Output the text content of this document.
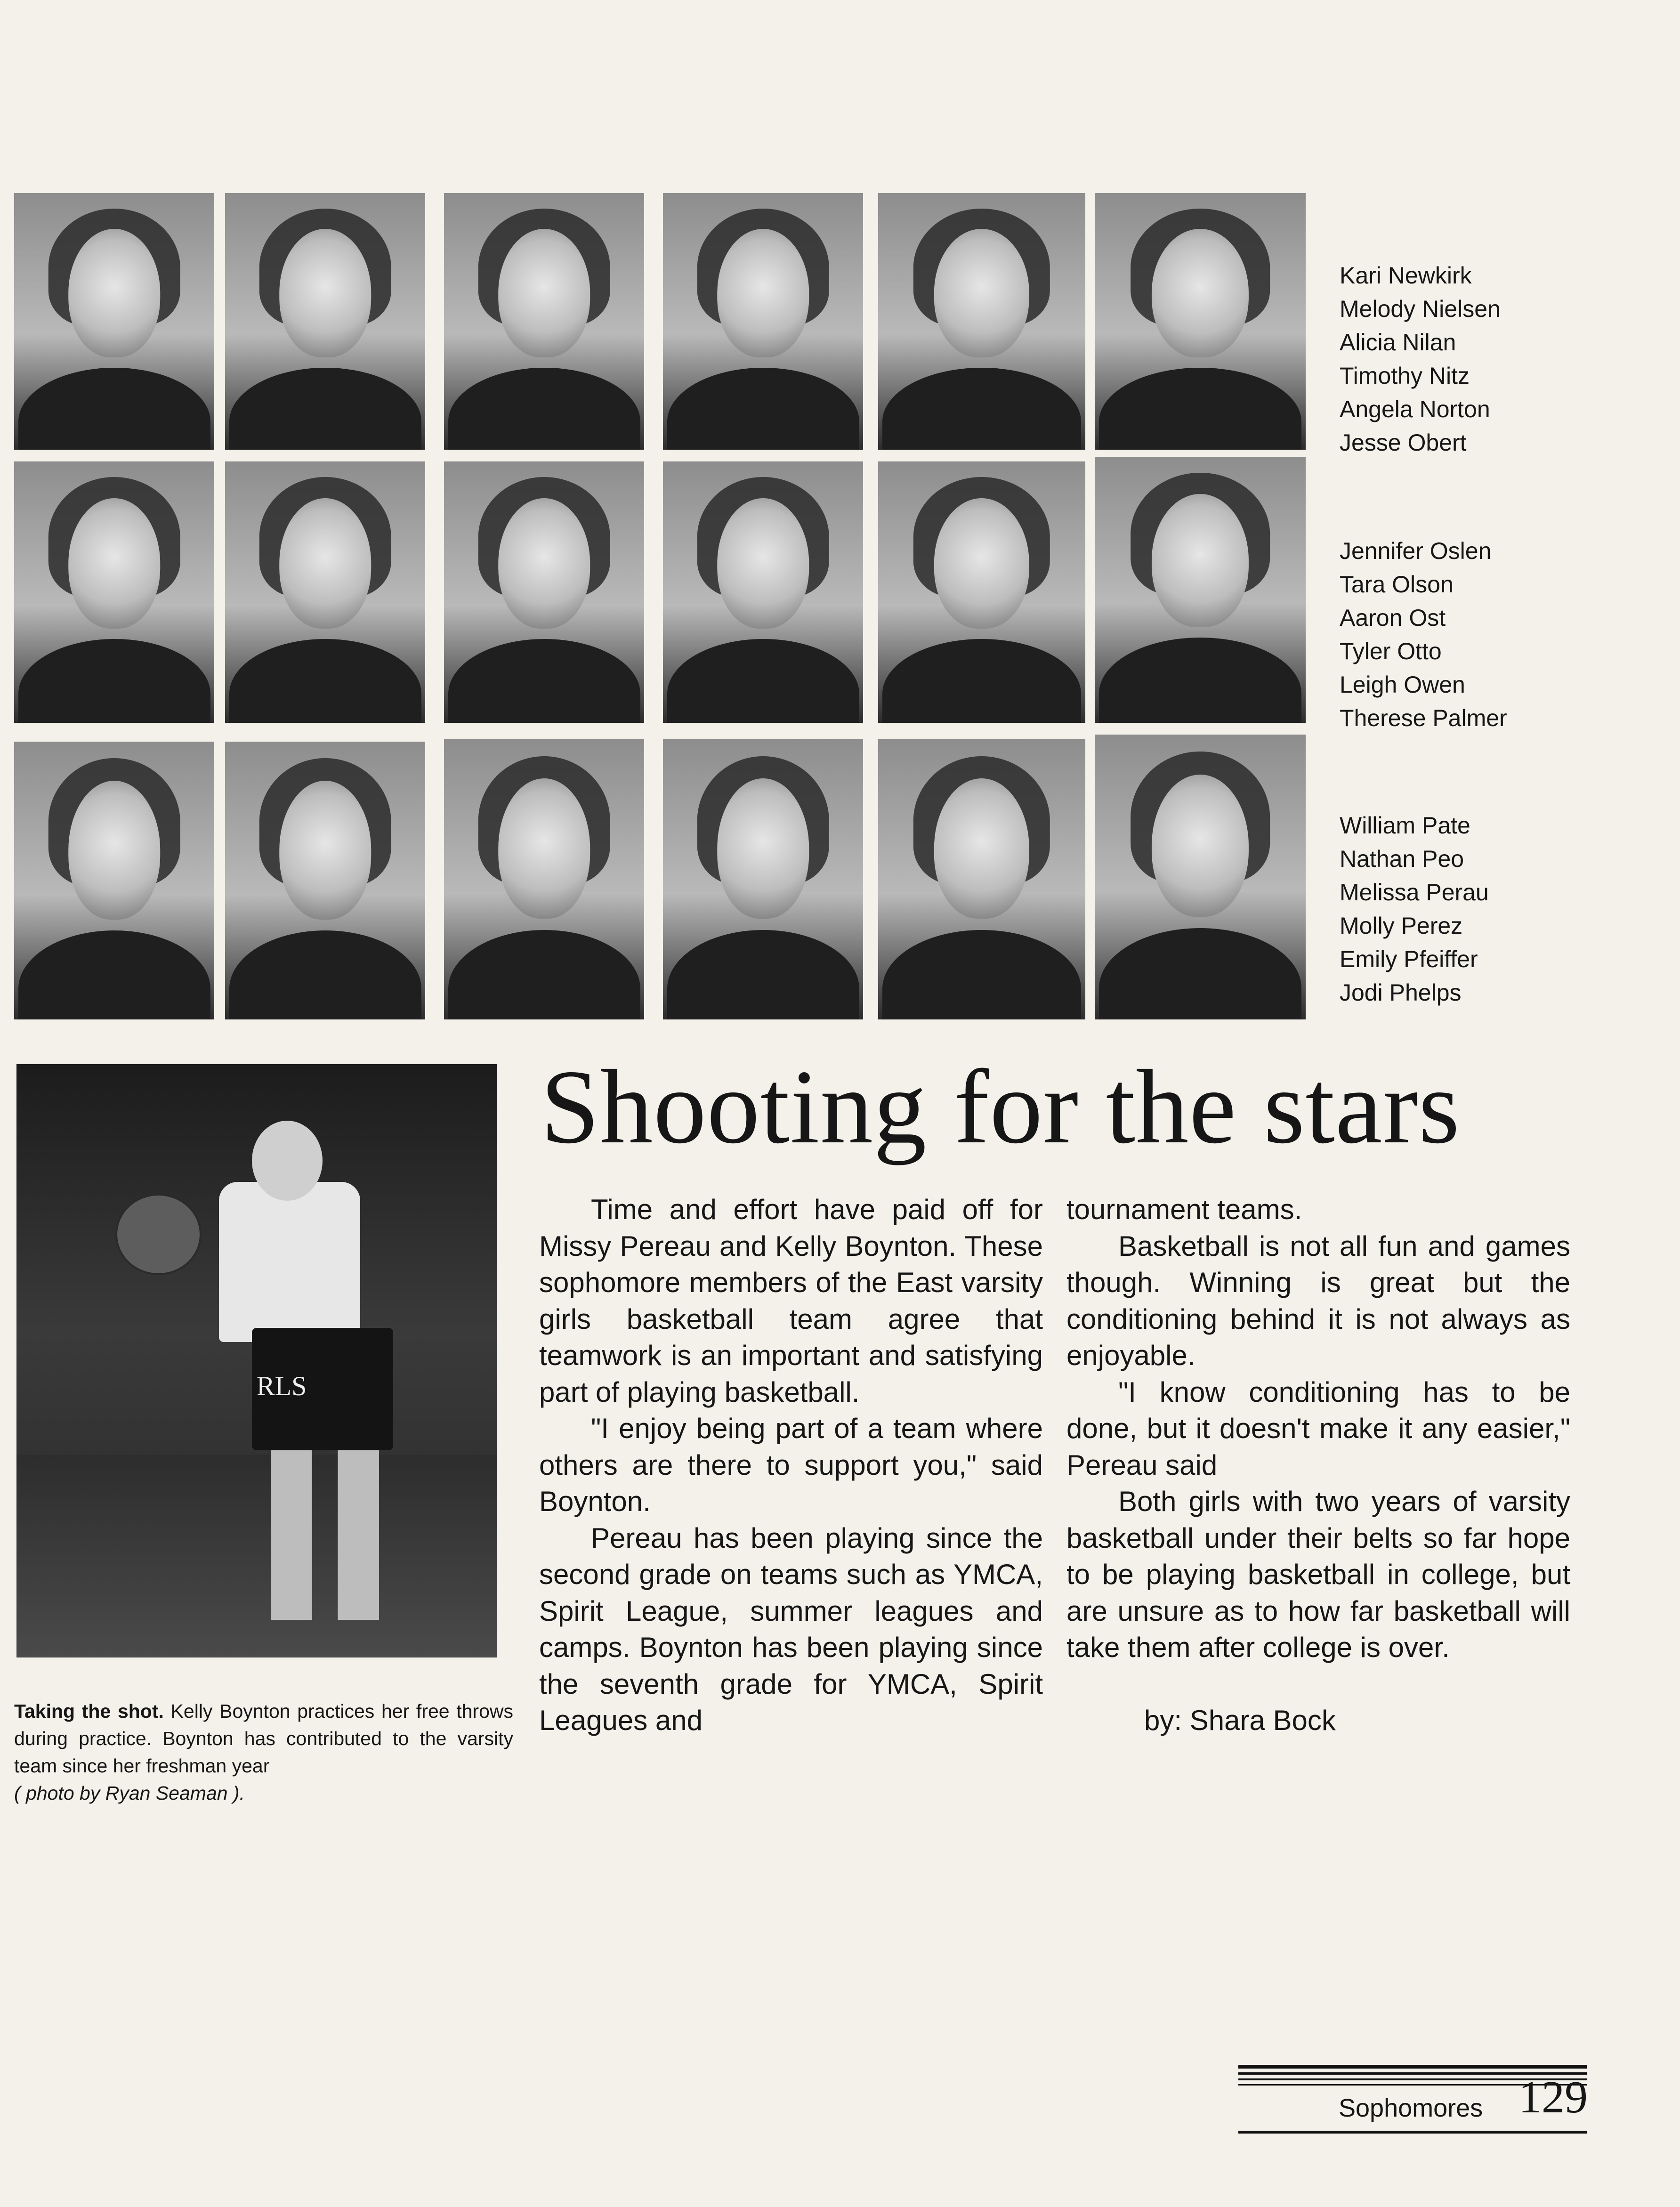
Kari Newkirk
Melody Nielsen
Alicia Nilan
Timothy Nitz
Angela Norton
Jesse Obert
Jennifer Oslen
Tara Olson
Aaron Ost
Tyler Otto
Leigh Owen
Therese Palmer
William Pate
Nathan Peo
Melissa Perau
Molly Perez
Emily Pfeiffer
Jodi Phelps
RLS
Taking the shot. Kelly Boynton practices her free throws during practice. Boynton has contributed to the varsity team since her freshman year
( photo by Ryan Seaman ).
Shooting for the stars

Time and effort have paid off for Missy Pereau and Kelly Boynton. These sophomore members of the East varsity girls basketball team agree that teamwork is an important and satisfying part of playing basketball.

"I enjoy being part of a team where others are there to support you," said Boynton.

Pereau has been playing since the second grade on teams such as YMCA, Spirit League, summer leagues and camps. Boynton has been playing since the seventh grade for YMCA, Spirit Leagues and

tournament teams.

Basketball is not all fun and games though. Winning is great but the conditioning behind it is not always as enjoyable.

"I know conditioning has to be done, but it doesn't make it any easier," Pereau said

Both girls with two years of varsity basketball under their belts so far hope to be playing basketball in college, but are unsure as to how far basketball will take them after college is over.

by: Shara Bock

Sophomores 129
